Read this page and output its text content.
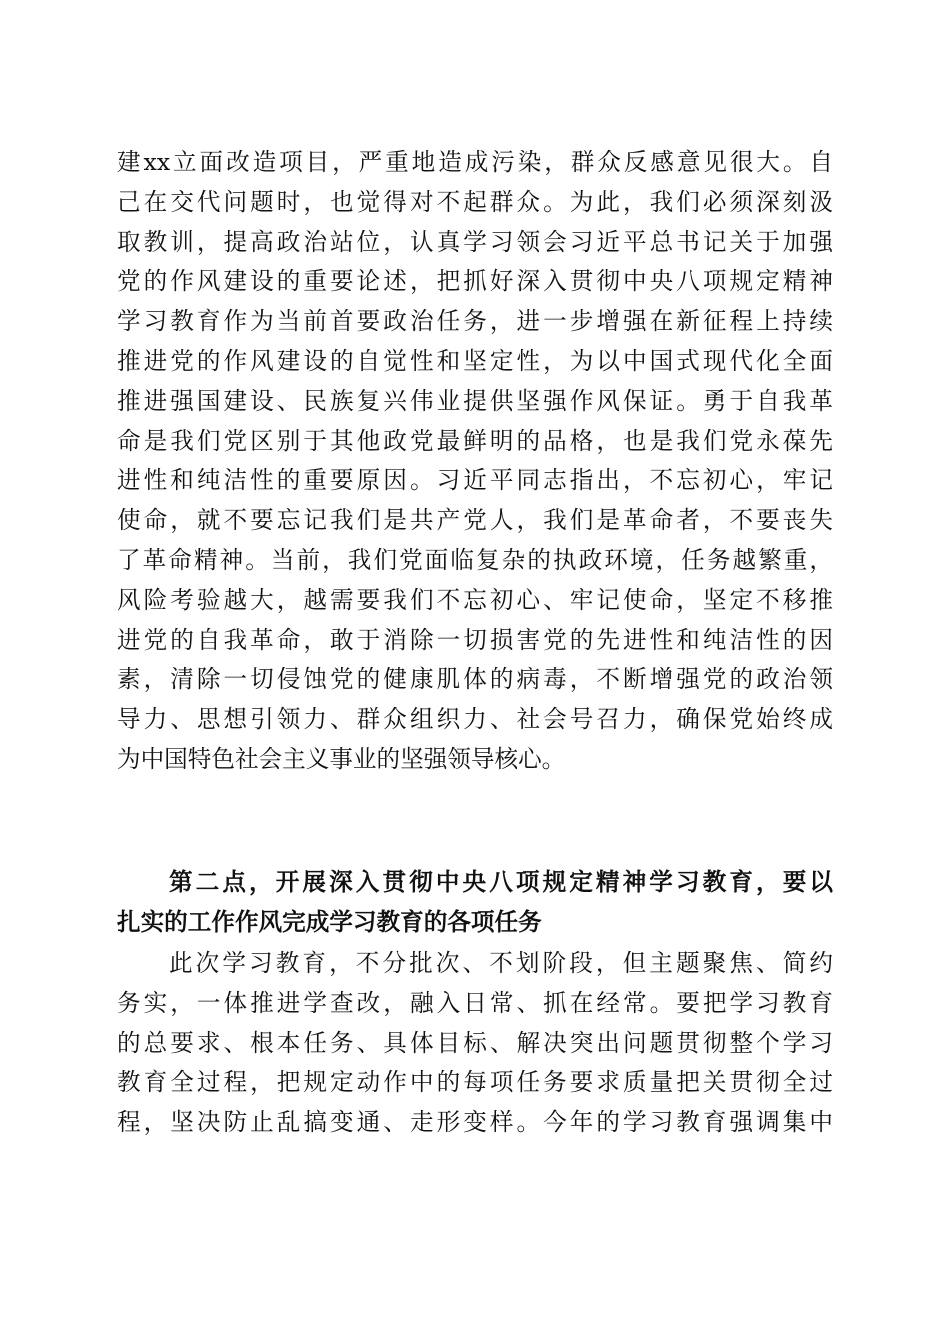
建xx立面改造项目，严重地造成污染，群众反感意见很大。自
己在交代问题时，也觉得对不起群众。为此，我们必须深刻汲
取教训，提高政治站位，认真学习领会习近平总书记关于加强
党的作风建设的重要论述，把抓好深入贯彻中央八项规定精神
学习教育作为当前首要政治任务，进一步增强在新征程上持续
推进党的作风建设的自觉性和坚定性，为以中国式现代化全面
推进强国建设、民族复兴伟业提供坚强作风保证。勇于自我革
命是我们党区别于其他政党最鲜明的品格，也是我们党永葆先
进性和纯洁性的重要原因。习近平同志指出，不忘初心，牢记
使命，就不要忘记我们是共产党人，我们是革命者，不要丧失
了革命精神。当前，我们党面临复杂的执政环境，任务越繁重，
风险考验越大，越需要我们不忘初心、牢记使命，坚定不移推
进党的自我革命，敢于消除一切损害党的先进性和纯洁性的因
素，清除一切侵蚀党的健康肌体的病毒，不断增强党的政治领
导力、思想引领力、群众组织力、社会号召力，确保党始终成
为中国特色社会主义事业的坚强领导核心。
第二点，开展深入贯彻中央八项规定精神学习教育，要以
扎实的工作作风完成学习教育的各项任务
此次学习教育，不分批次、不划阶段，但主题聚焦、简约
务实，一体推进学查改，融入日常、抓在经常。要把学习教育
的总要求、根本任务、具体目标、解决突出问题贯彻整个学习
教育全过程，把规定动作中的每项任务要求质量把关贯彻全过
程，坚决防止乱搞变通、走形变样。今年的学习教育强调集中
